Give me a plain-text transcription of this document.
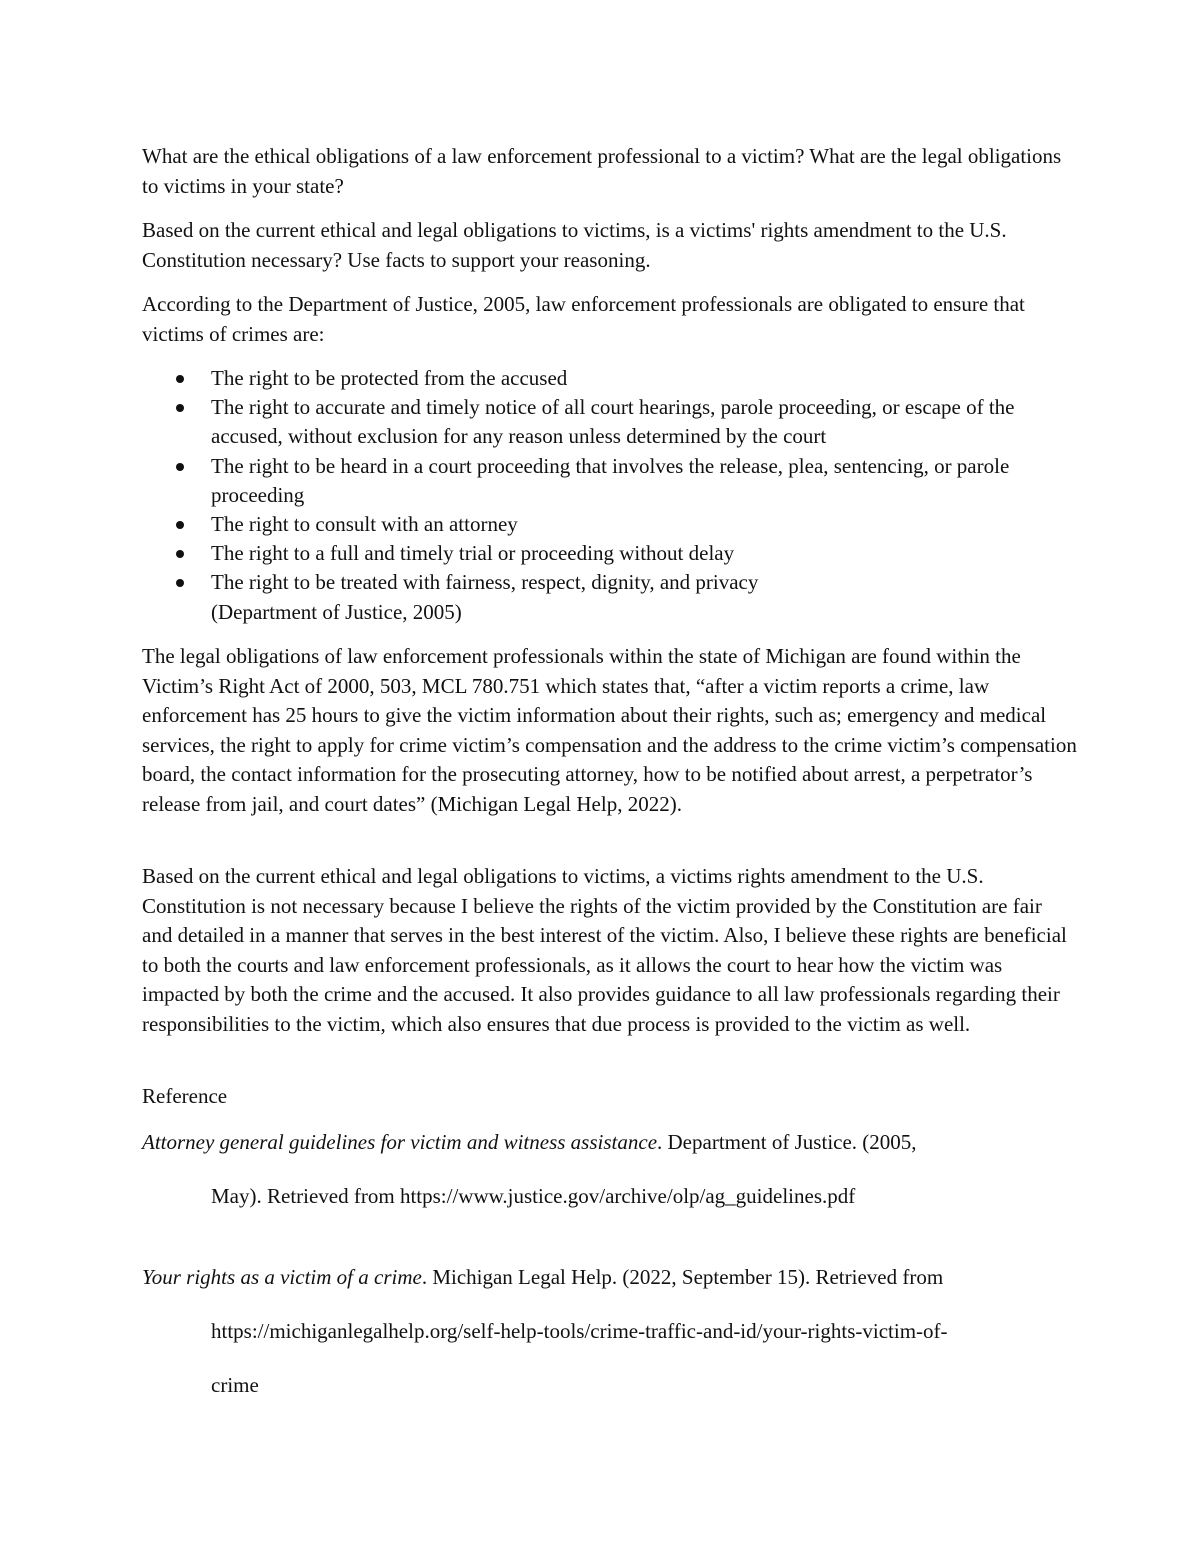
What are the ethical obligations of a law enforcement professional to a victim? What are the legal obligations to victims in your state?

Based on the current ethical and legal obligations to victims, is a victims' rights amendment to the U.S. Constitution necessary? Use facts to support your reasoning.

According to the Department of Justice, 2005, law enforcement professionals are obligated to ensure that victims of crimes are:

The right to be protected from the accused
The right to accurate and timely notice of all court hearings, parole proceeding, or escape of the accused, without exclusion for any reason unless determined by the court
The right to be heard in a court proceeding that involves the release, plea, sentencing, or parole proceeding
The right to consult with an attorney
The right to a full and timely trial or proceeding without delay
The right to be treated with fairness, respect, dignity, and privacy
(Department of Justice, 2005)

The legal obligations of law enforcement professionals within the state of Michigan are found within the Victim’s Right Act of 2000, 503, MCL 780.751 which states that, “after a victim reports a crime, law enforcement has 25 hours to give the victim information about their rights, such as; emergency and medical services, the right to apply for crime victim’s compensation and the address to the crime victim’s compensation board, the contact information for the prosecuting attorney, how to be notified about arrest, a perpetrator’s release from jail, and court dates” (Michigan Legal Help, 2022).

Based on the current ethical and legal obligations to victims, a victims rights amendment to the U.S. Constitution is not necessary because I believe the rights of the victim provided by the Constitution are fair and detailed in a manner that serves in the best interest of the victim. Also, I believe these rights are beneficial to both the courts and law enforcement professionals, as it allows the court to hear how the victim was impacted by both the crime and the accused. It also provides guidance to all law professionals regarding their responsibilities to the victim, which also ensures that due process is provided to the victim as well.

Reference

Attorney general guidelines for victim and witness assistance. Department of Justice. (2005,
May). Retrieved from https://www.justice.gov/archive/olp/ag_guidelines.pdf
Your rights as a victim of a crime. Michigan Legal Help. (2022, September 15). Retrieved from
https://michiganlegalhelp.org/self-help-tools/crime-traffic-and-id/your-rights-victim-of-
crime
